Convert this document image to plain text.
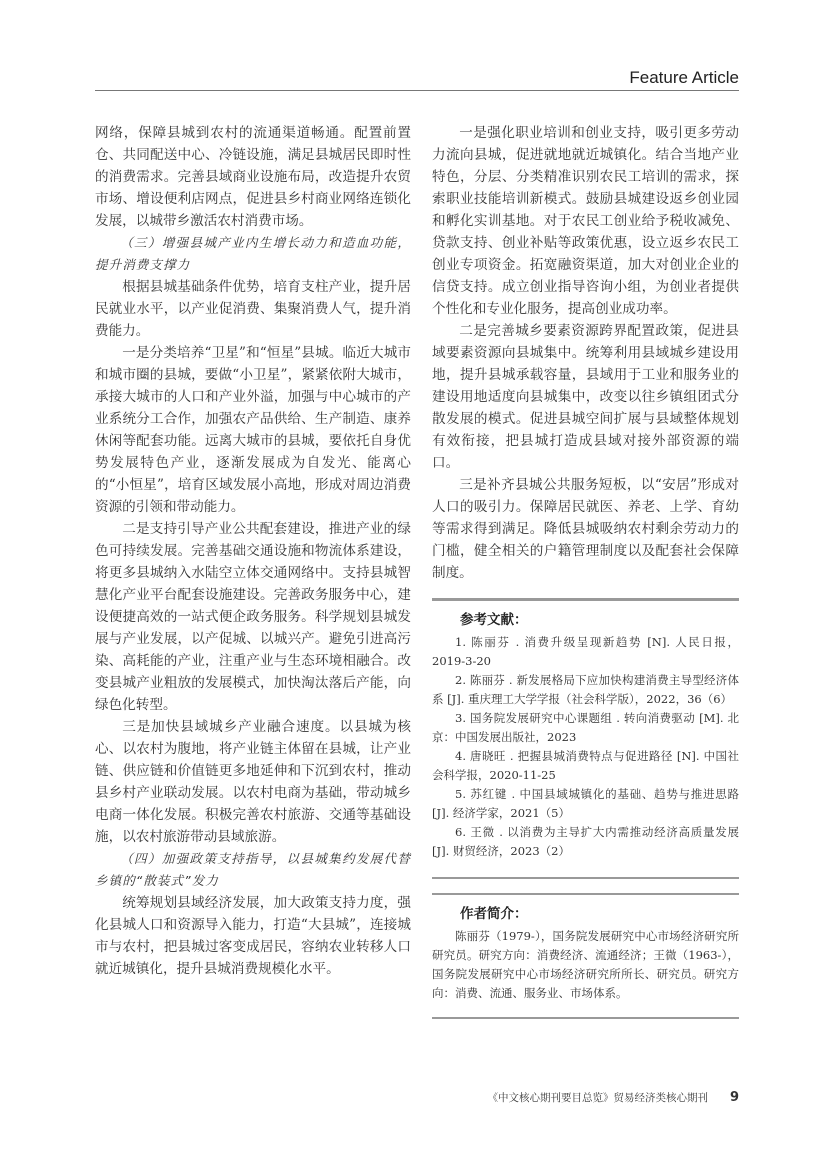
Feature Article

网络，保障县城到农村的流通渠道畅通。配置前置仓、共同配送中心、冷链设施，满足县城居民即时性的消费需求。完善县域商业设施布局，改造提升农贸市场、增设便利店网点，促进县乡村商业网络连锁化发展，以城带乡激活农村消费市场。

（三）增强县城产业内生增长动力和造血功能，提升消费支撑力

根据县城基础条件优势，培育支柱产业，提升居民就业水平，以产业促消费、集聚消费人气，提升消费能力。

一是分类培养“卫星”和“恒星”县城。临近大城市和城市圈的县城，要做“小卫星”，紧紧依附大城市，承接大城市的人口和产业外溢，加强与中心城市的产业系统分工合作，加强农产品供给、生产制造、康养休闲等配套功能。远离大城市的县城，要依托自身优势发展特色产业，逐渐发展成为自发光、能离心的“小恒星”，培育区域发展小高地，形成对周边消费资源的引领和带动能力。

二是支持引导产业公共配套建设，推进产业的绿色可持续发展。完善基础交通设施和物流体系建设，将更多县城纳入水陆空立体交通网络中。支持县城智慧化产业平台配套设施建设。完善政务服务中心，建设便捷高效的一站式便企政务服务。科学规划县城发展与产业发展，以产促城、以城兴产。避免引进高污染、高耗能的产业，注重产业与生态环境相融合。改变县城产业粗放的发展模式，加快淘汰落后产能，向绿色化转型。

三是加快县域城乡产业融合速度。以县城为核心、以农村为腹地，将产业链主体留在县城，让产业链、供应链和价值链更多地延伸和下沉到农村，推动县乡村产业联动发展。以农村电商为基础，带动城乡电商一体化发展。积极完善农村旅游、交通等基础设施，以农村旅游带动县域旅游。

（四）加强政策支持指导，以县城集约发展代替乡镇的“散装式”发力

统筹规划县域经济发展，加大政策支持力度，强化县城人口和资源导入能力，打造“大县城”，连接城市与农村，把县城过客变成居民，容纳农业转移人口就近城镇化，提升县城消费规模化水平。

一是强化职业培训和创业支持，吸引更多劳动力流向县城，促进就地就近城镇化。结合当地产业特色，分层、分类精准识别农民工培训的需求，探索职业技能培训新模式。鼓励县城建设返乡创业园和孵化实训基地。对于农民工创业给予税收减免、贷款支持、创业补贴等政策优惠，设立返乡农民工创业专项资金。拓宽融资渠道，加大对创业企业的信贷支持。成立创业指导咨询小组，为创业者提供个性化和专业化服务，提高创业成功率。

二是完善城乡要素资源跨界配置政策，促进县域要素资源向县城集中。统筹利用县域城乡建设用地，提升县城承载容量，县域用于工业和服务业的建设用地适度向县城集中，改变以往乡镇组团式分散发展的模式。促进县城空间扩展与县域整体规划有效衔接，把县城打造成县域对接外部资源的端口。

三是补齐县城公共服务短板，以“安居”形成对人口的吸引力。保障居民就医、养老、上学、育幼等需求得到满足。降低县城吸纳农村剩余劳动力的门槛，健全相关的户籍管理制度以及配套社会保障制度。

参考文献：

1. 陈丽芬 . 消费升级呈现新趋势 [N]. 人民日报，2019-3-20

2. 陈丽芬 . 新发展格局下应加快构建消费主导型经济体系 [J]. 重庆理工大学学报（社会科学版），2022，36（6）

3. 国务院发展研究中心课题组 . 转向消费驱动 [M]. 北京：中国发展出版社，2023

4. 唐晓旺 . 把握县城消费特点与促进路径 [N]. 中国社会科学报，2020-11-25

5. 苏红键 . 中国县域城镇化的基础、趋势与推进思路 [J]. 经济学家，2021（5）

6. 王微 . 以消费为主导扩大内需推动经济高质量发展 [J]. 财贸经济，2023（2）

作者简介：

陈丽芬（1979-），国务院发展研究中心市场经济研究所研究员。研究方向：消费经济、流通经济；王微（1963-），国务院发展研究中心市场经济研究所所长、研究员。研究方向：消费、流通、服务业、市场体系。

《中文核心期刊要目总览》贸易经济类核心期刊 9
